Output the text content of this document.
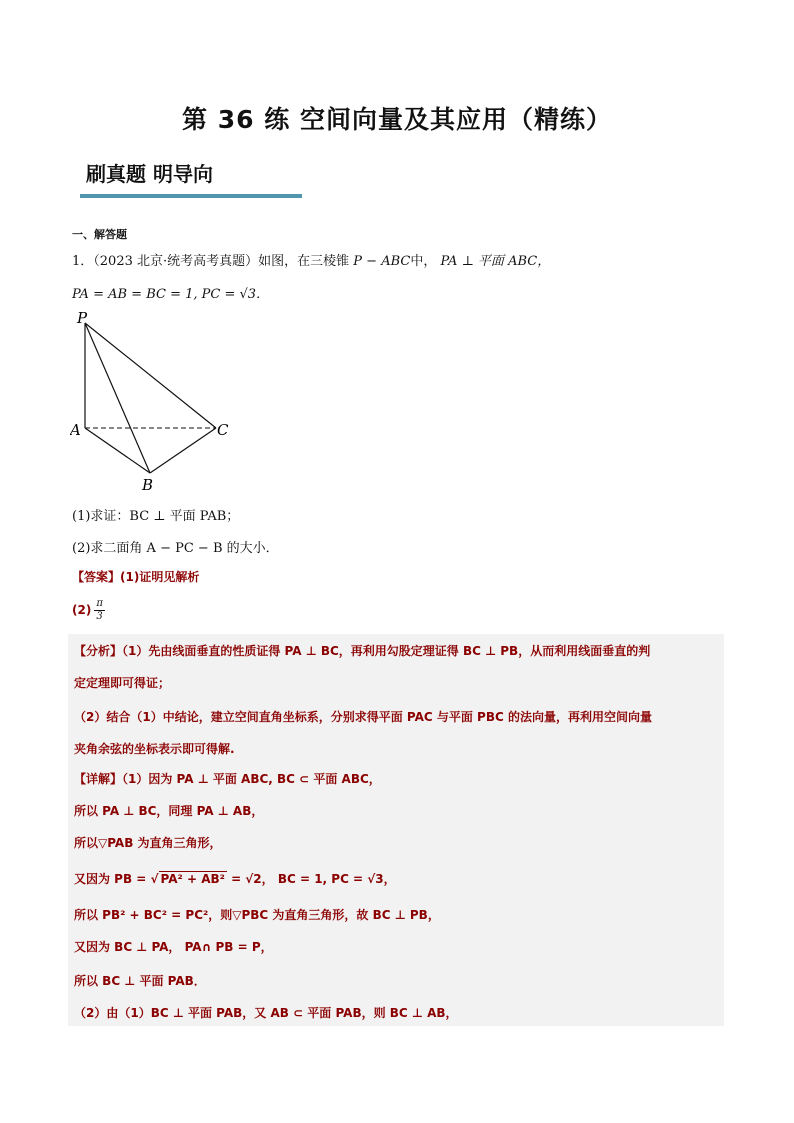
第 36 练 空间向量及其应用（精练）
刷真题 明导向
一、解答题
1．（2023 北京·统考高考真题）如图，在三棱锥 P − ABC中， PA ⊥ 平面 ABC，
PA = AB = BC = 1, PC = √3．
P
A
B
C
(1)求证：BC ⊥ 平面 PAB；
(2)求二面角 A − PC − B 的大小．
【答案】(1)证明见解析
$(2) \frac{\pi}{3}$
【分析】（1）先由线面垂直的性质证得 PA ⊥ BC，再利用勾股定理证得 BC ⊥ PB，从而利用线面垂直的判
定定理即可得证；
（2）结合（1）中结论，建立空间直角坐标系，分别求得平面 PAC 与平面 PBC 的法向量，再利用空间向量
夹角余弦的坐标表示即可得解.
【详解】（1）因为 PA ⊥ 平面 ABC, BC ⊂ 平面 ABC，
所以 PA ⊥ BC，同理 PA ⊥ AB，
所以▽PAB 为直角三角形，
又因为 PB = √ PA² + AB² = √2， BC = 1, PC = √3，
所以 PB² + BC² = PC²，则▽PBC 为直角三角形，故 BC ⊥ PB，
又因为 BC ⊥ PA， PA∩ PB = P，
所以 BC ⊥ 平面 PAB．
（2）由（1）BC ⊥ 平面 PAB，又 AB ⊂ 平面 PAB，则 BC ⊥ AB，
